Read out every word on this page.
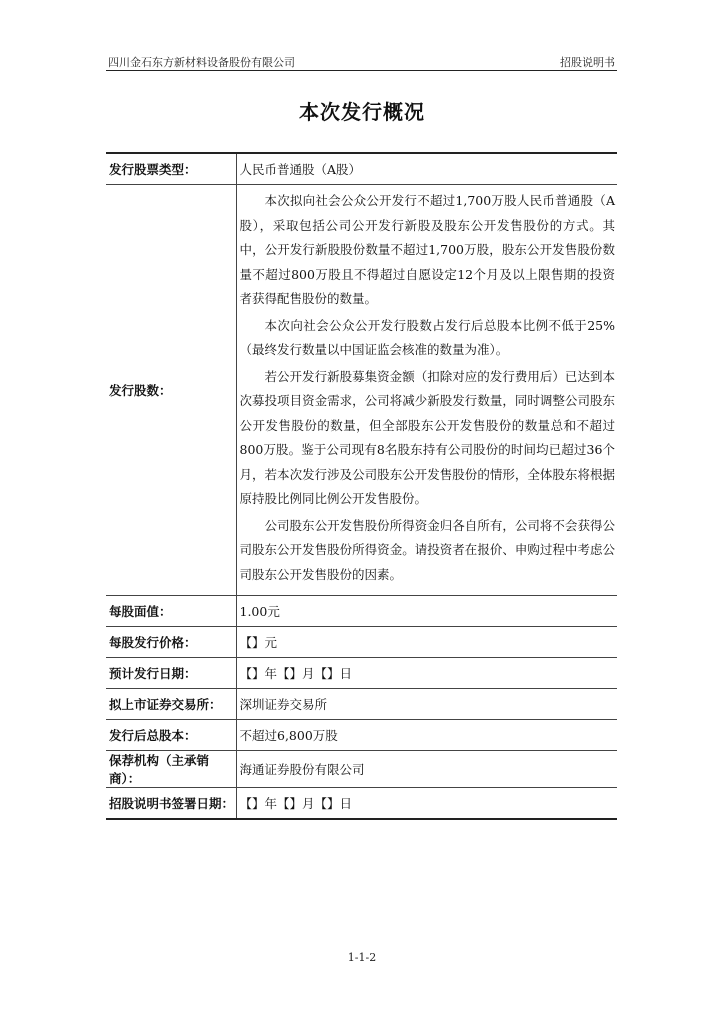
四川金石东方新材料设备股份有限公司	招股说明书
本次发行概况
发行股票类型：	人民币普通股（A股）
发行股数：	本次拟向社会公众公开发行不超过1,700万股人民币普通股（A股），采取包括公司公开发行新股及股东公开发售股份的方式。其中，公开发行新股股份数量不超过1,700万股，股东公开发售股份数量不超过800万股且不得超过自愿设定12个月及以上限售期的投资者获得配售股份的数量。

本次向社会公众公开发行股数占发行后总股本比例不低于25%（最终发行数量以中国证监会核准的数量为准）。

若公开发行新股募集资金额（扣除对应的发行费用后）已达到本次募投项目资金需求，公司将减少新股发行数量，同时调整公司股东公开发售股份的数量，但全部股东公开发售股份的数量总和不超过800万股。鉴于公司现有8名股东持有公司股份的时间均已超过36个月，若本次发行涉及公司股东公开发售股份的情形，全体股东将根据原持股比例同比例公开发售股份。

公司股东公开发售股份所得资金归各自所有，公司将不会获得公司股东公开发售股份所得资金。请投资者在报价、申购过程中考虑公司股东公开发售股份的因素。

每股面值：	1.00元
每股发行价格：	【】元
预计发行日期：	【】年【】月【】日
拟上市证券交易所：	深圳证券交易所
发行后总股本：	不超过6,800万股
保荐机构（主承销商）：	海通证券股份有限公司
招股说明书签署日期：	【】年【】月【】日
1-1-2
